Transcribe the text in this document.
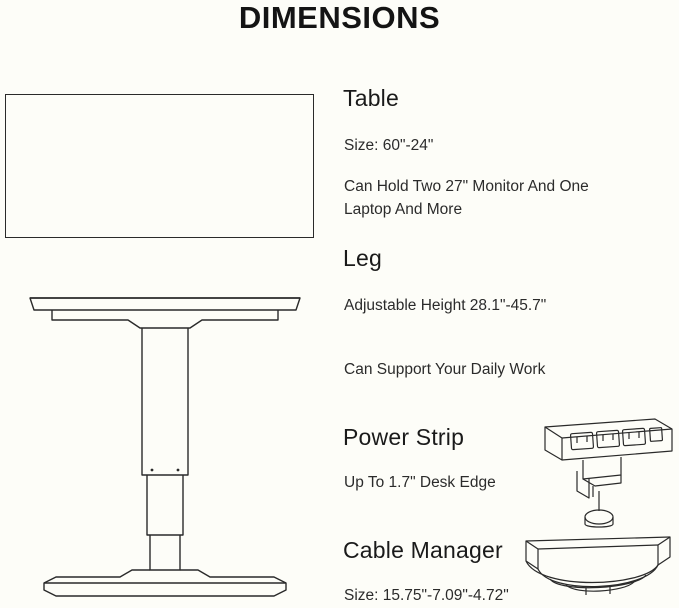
DIMENSIONS
Table
Size: 60"-24"
Can Hold Two 27" Monitor And One Laptop And More
Leg
Adjustable Height 28.1"-45.7"
Can Support Your Daily Work
Power Strip
Up To 1.7" Desk Edge
Cable Manager
Size: 15.75"-7.09"-4.72"
